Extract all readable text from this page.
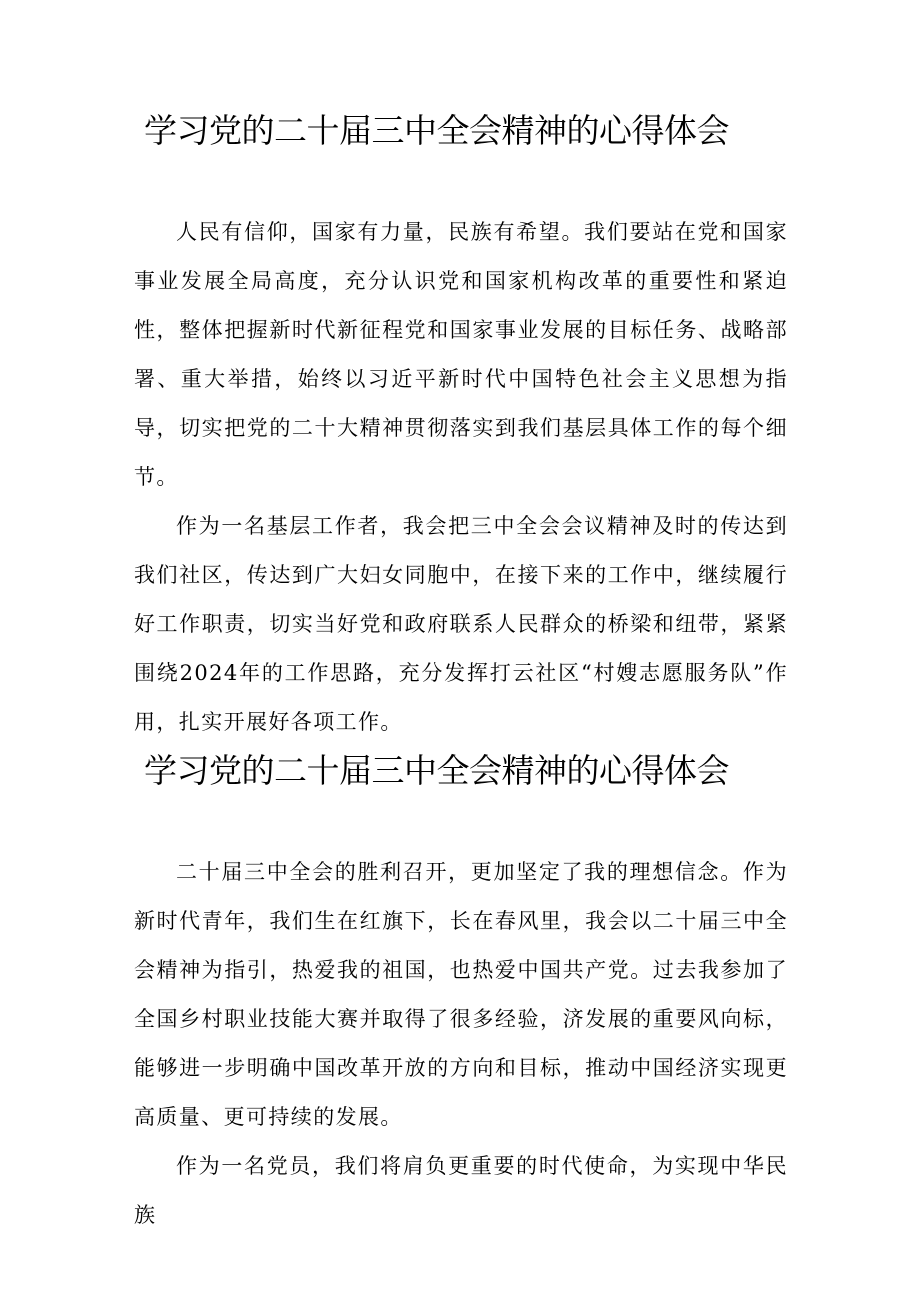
学习党的二十届三中全会精神的心得体会

人民有信仰，国家有力量，民族有希望。我们要站在党和国家事业发展全局高度，充分认识党和国家机构改革的重要性和紧迫性，整体把握新时代新征程党和国家事业发展的目标任务、战略部署、重大举措，始终以习近平新时代中国特色社会主义思想为指导，切实把党的二十大精神贯彻落实到我们基层具体工作的每个细节。

作为一名基层工作者，我会把三中全会会议精神及时的传达到我们社区，传达到广大妇女同胞中，在接下来的工作中，继续履行好工作职责，切实当好党和政府联系人民群众的桥梁和纽带，紧紧围绕2024年的工作思路，充分发挥打云社区“村嫂志愿服务队”作用，扎实开展好各项工作。

学习党的二十届三中全会精神的心得体会

二十届三中全会的胜利召开，更加坚定了我的理想信念。作为新时代青年，我们生在红旗下，长在春风里，我会以二十届三中全会精神为指引，热爱我的祖国，也热爱中国共产党。过去我参加了全国乡村职业技能大赛并取得了很多经验，济发展的重要风向标，能够进一步明确中国改革开放的方向和目标，推动中国经济实现更高质量、更可持续的发展。

作为一名党员，我们将肩负更重要的时代使命，为实现中华民族
